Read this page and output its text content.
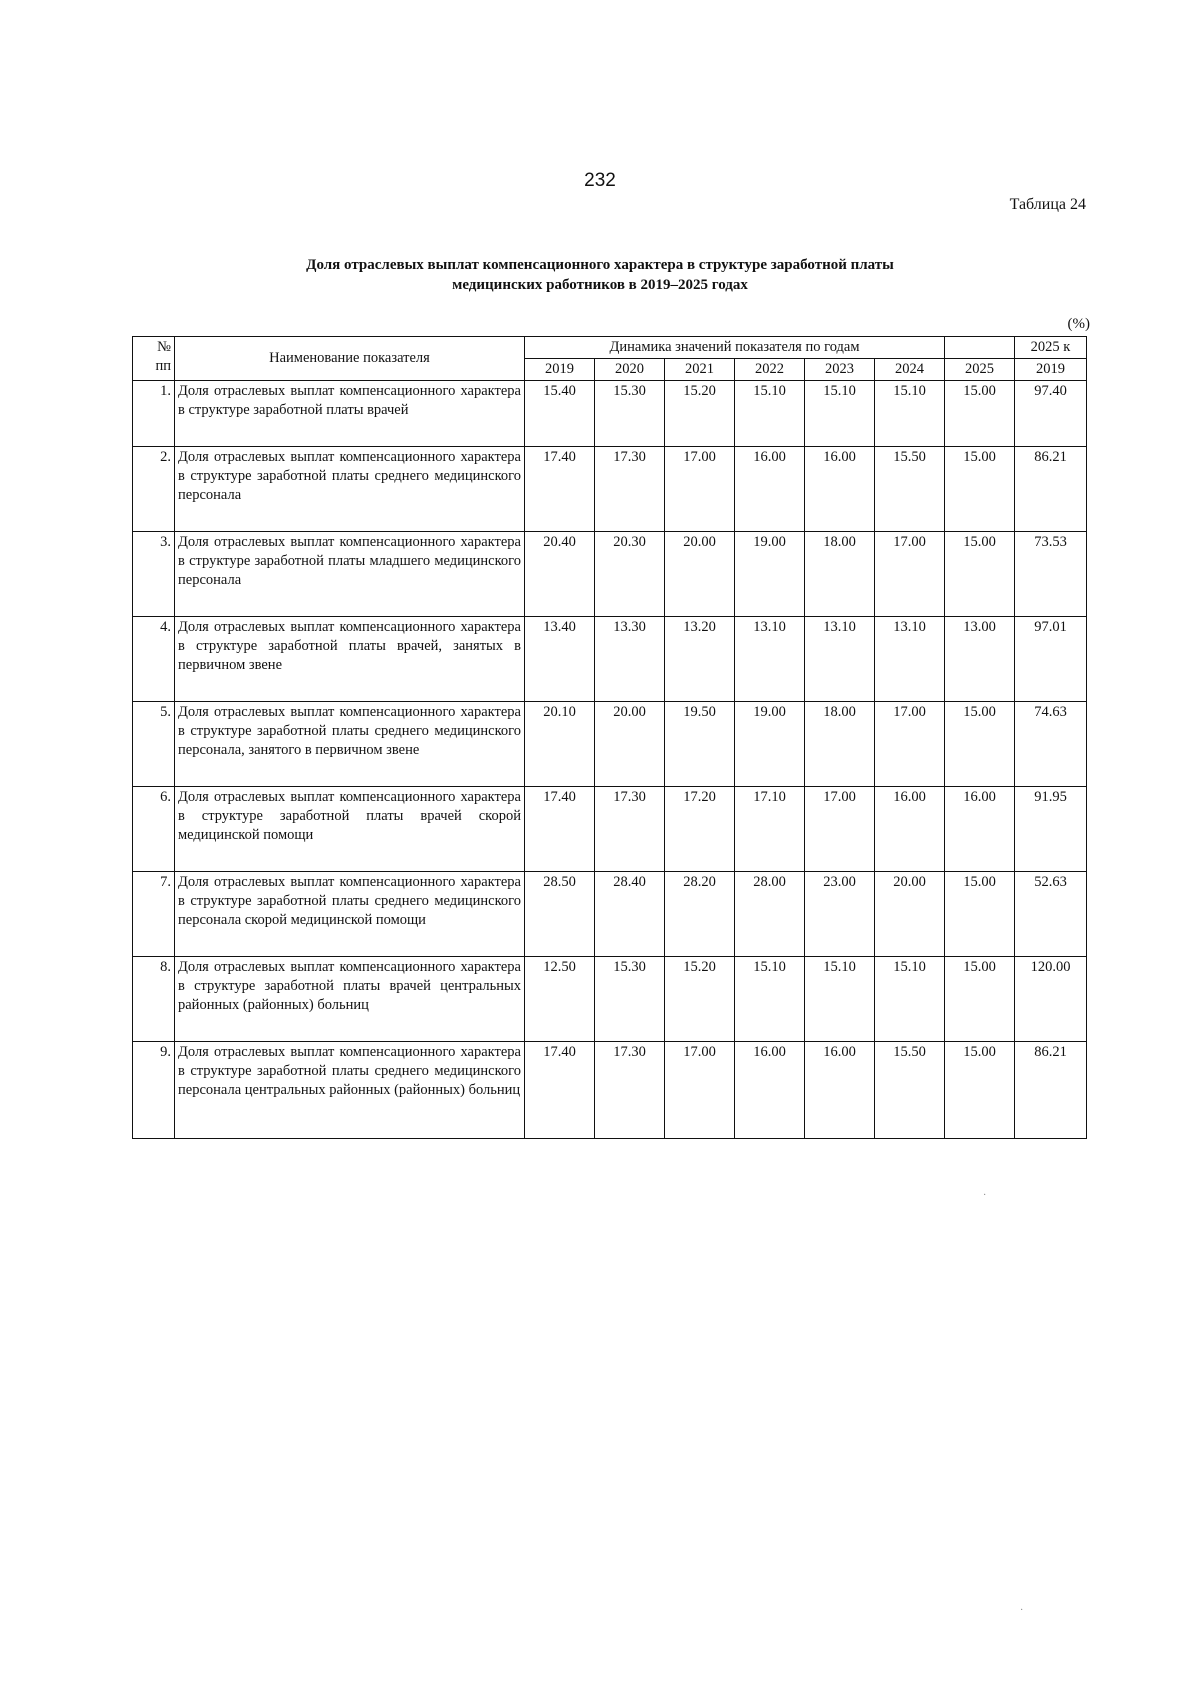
232
Таблица 24
Доля отраслевых выплат компенсационного характера в структуре заработной платы
медицинских работников в 2019–2025 годах
(%)
№
пп	Наименование показателя	Динамика значений показателя по годам							2025 к
		2019	2020	2021	2022	2023	2024	2025	2019
1.	Доля отраслевых выплат компенсационного характера в структуре заработной платы врачей	15.40	15.30	15.20	15.10	15.10	15.10	15.00	97.40
2.	Доля отраслевых выплат компенсационного характера в структуре заработной платы среднего медицинского персонала	17.40	17.30	17.00	16.00	16.00	15.50	15.00	86.21
3.	Доля отраслевых выплат компенсационного характера в структуре заработной платы младшего медицинского персонала	20.40	20.30	20.00	19.00	18.00	17.00	15.00	73.53
4.	Доля отраслевых выплат компенсационного характера в структуре заработной платы врачей, занятых в первичном звене	13.40	13.30	13.20	13.10	13.10	13.10	13.00	97.01
5.	Доля отраслевых выплат компенсационного характера в структуре заработной платы среднего медицинского персонала, занятого в первичном звене	20.10	20.00	19.50	19.00	18.00	17.00	15.00	74.63
6.	Доля отраслевых выплат компенсационного характера в структуре заработной платы врачей скорой медицинской помощи	17.40	17.30	17.20	17.10	17.00	16.00	16.00	91.95
7.	Доля отраслевых выплат компенсационного характера в структуре заработной платы среднего медицинского персонала скорой медицинской помощи	28.50	28.40	28.20	28.00	23.00	20.00	15.00	52.63
8.	Доля отраслевых выплат компенсационного характера в структуре заработной платы врачей центральных районных (районных) больниц	12.50	15.30	15.20	15.10	15.10	15.10	15.00	120.00
9.	Доля отраслевых выплат компенсационного характера в структуре заработной платы среднего медицинского персонала центральных районных (районных) больниц	17.40	17.30	17.00	16.00	16.00	15.50	15.00	86.21
·
·
